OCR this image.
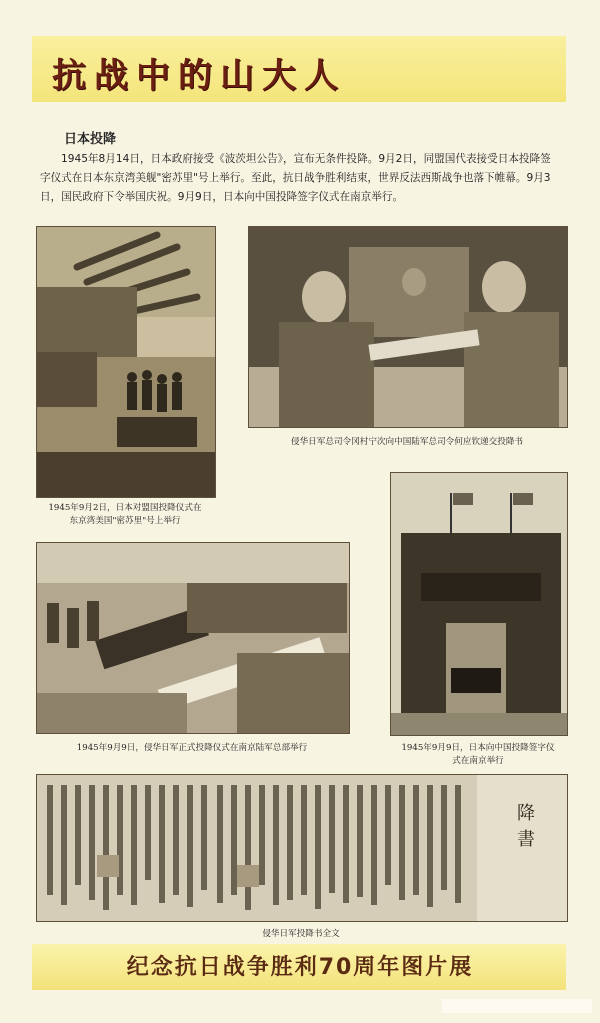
抗战中的山大人
日本投降

1945年8月14日，日本政府接受《波茨坦公告》，宣布无条件投降。9月2日，同盟国代表接受日本投降签字仪式在日本东京湾美舰"密苏里"号上举行。至此，抗日战争胜利结束，世界反法西斯战争也落下帷幕。9月3日，国民政府下令举国庆祝。9月9日，日本向中国投降签字仪式在南京举行。

1945年9月2日，日本对盟国投降仪式在
东京湾美国"密苏里"号上举行
侵华日军总司令冈村宁次向中国陆军总司令何应钦递交投降书
1945年9月9日，侵华日军正式投降仪式在南京陆军总部举行	1945年9月9日，日本向中国投降签字仪
式在南京举行
降書
侵华日军投降书全文
纪念抗日战争胜利70周年图片展
